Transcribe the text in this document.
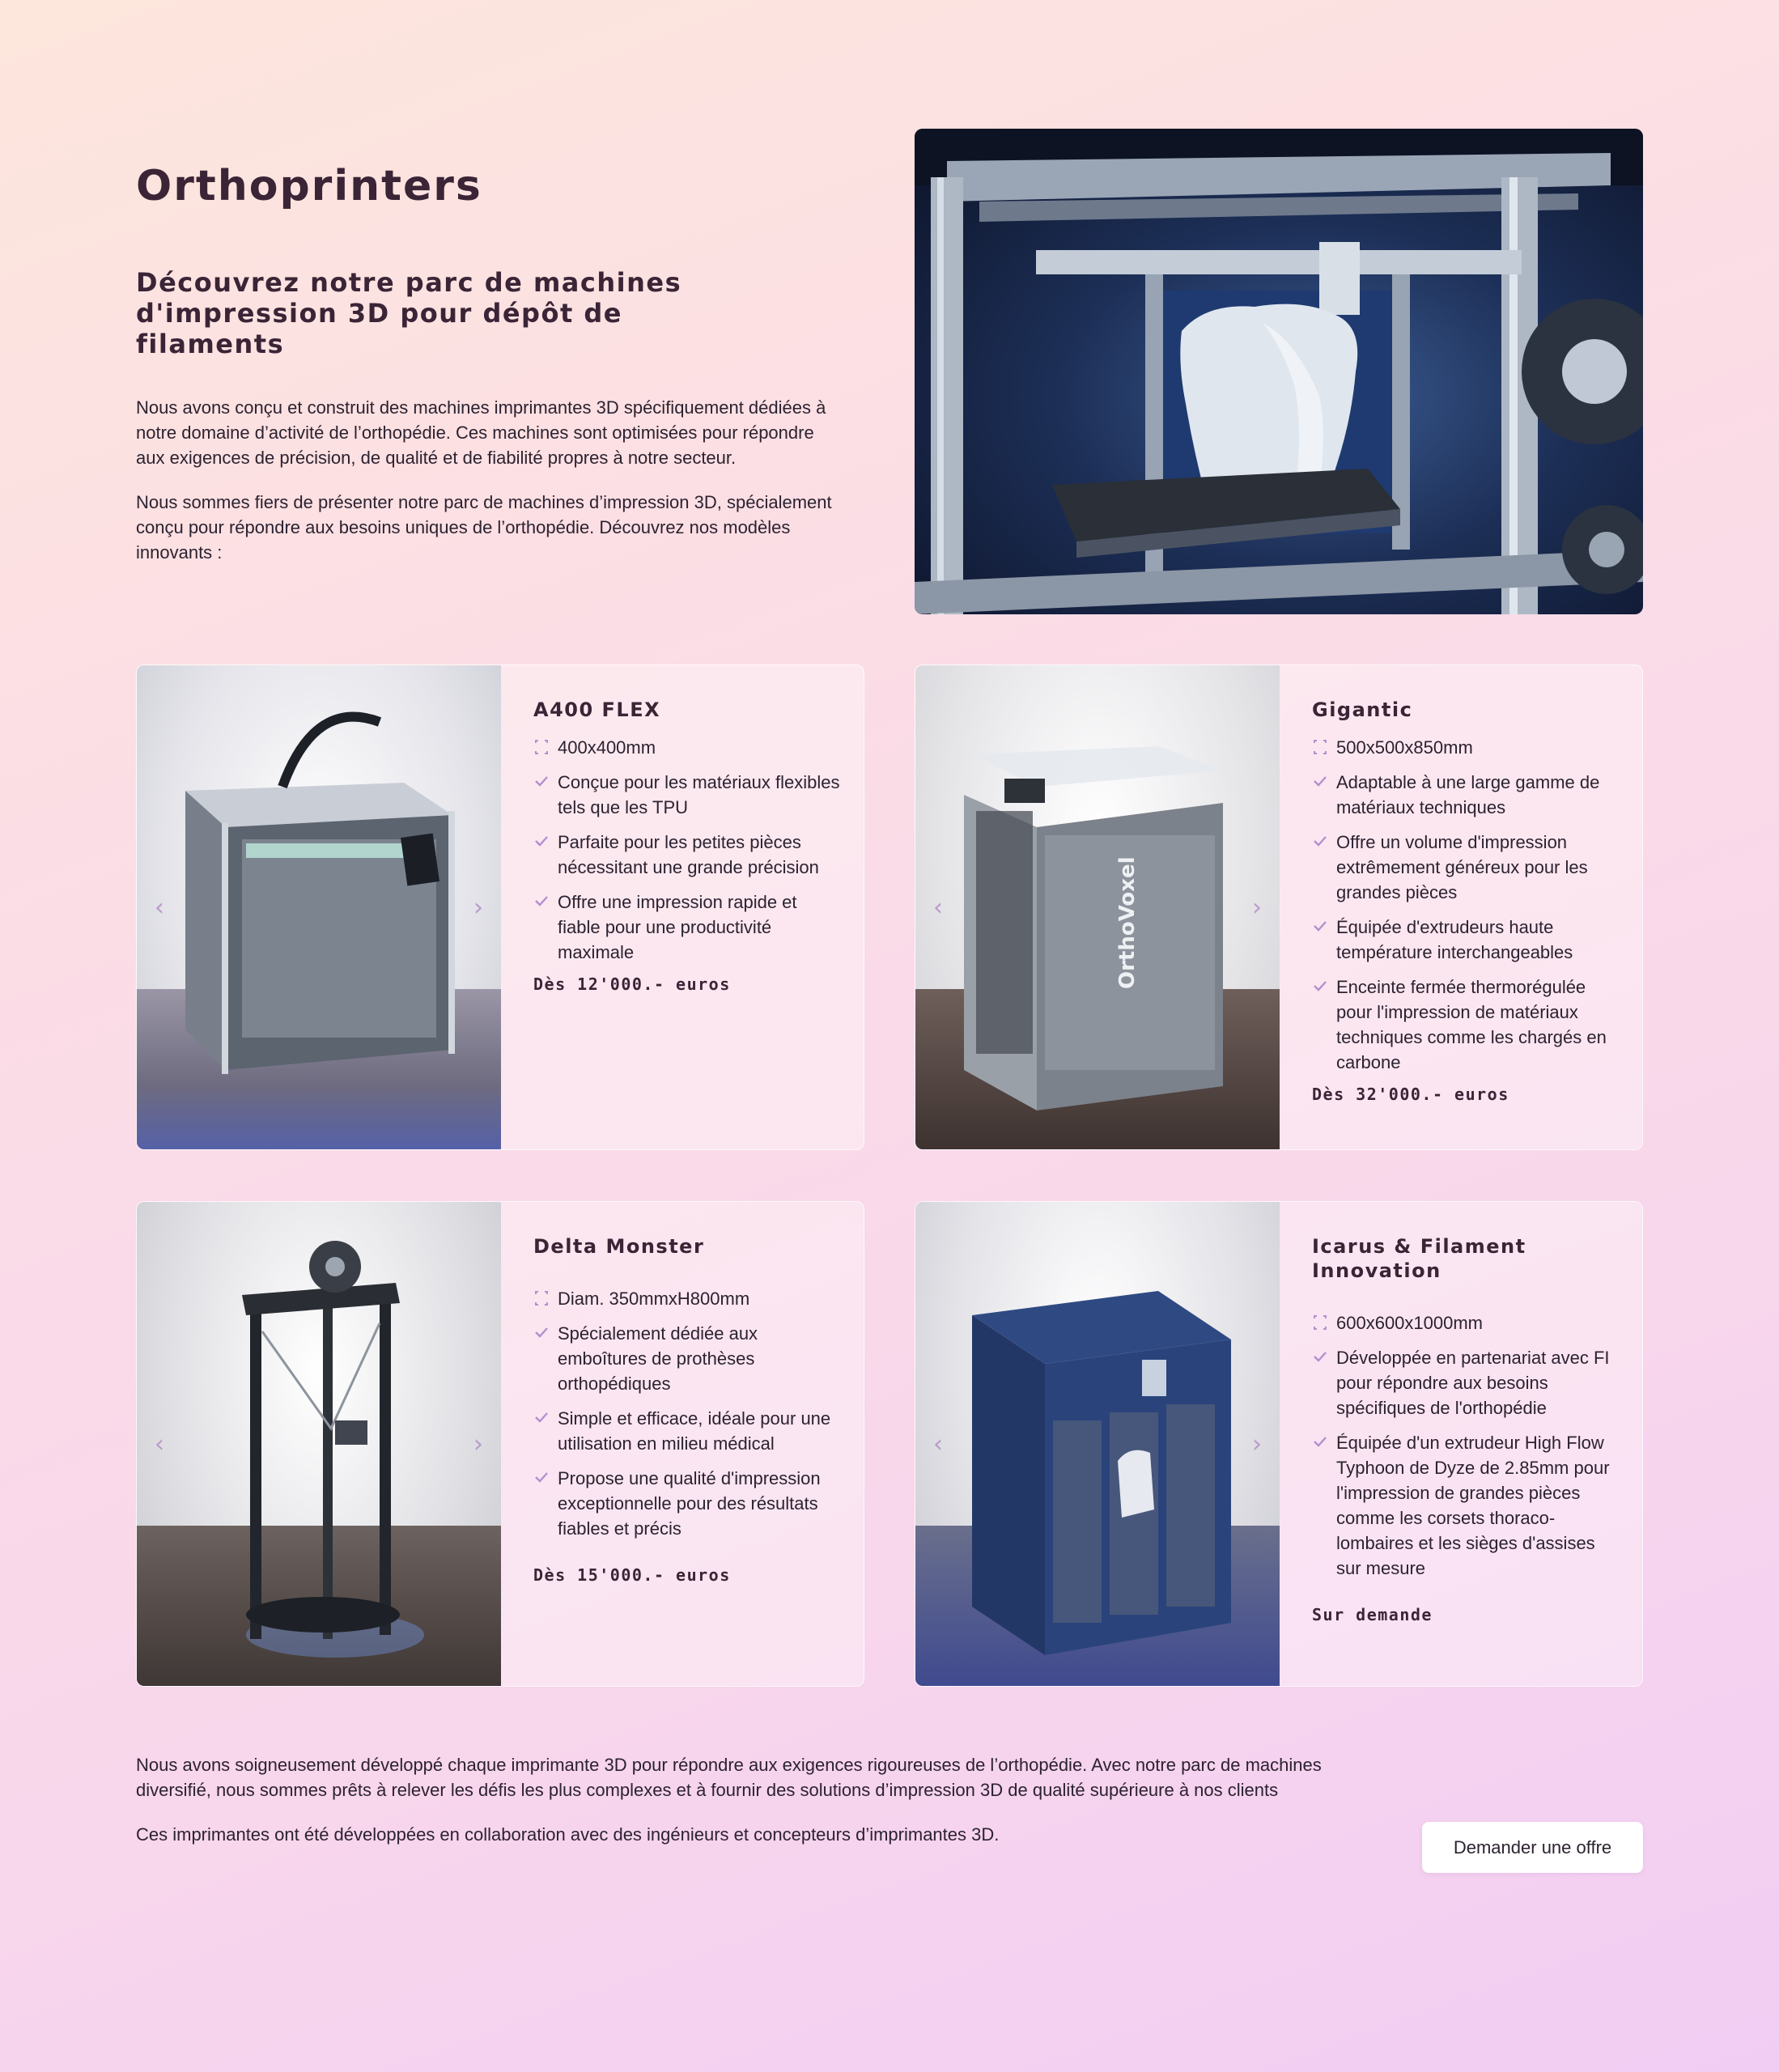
Orthoprinters
Découvrez notre parc de machines d'impression 3D pour dépôt de filaments

Nous avons conçu et construit des machines imprimantes 3D spécifiquement dédiées à notre domaine d’activité de l’orthopédie. Ces machines sont optimisées pour répondre aux exigences de précision, de qualité et de fiabilité propres à notre secteur.

Nous sommes fiers de présenter notre parc de machines d’impression 3D, spécialement conçu pour répondre aux besoins uniques de l’orthopédie. Découvrez nos modèles innovants :

‹	›
A400 FLEX
400x400mm
Conçue pour les matériaux flexibles tels que les TPU
Parfaite pour les petites pièces nécessitant une grande précision
Offre une impression rapide et fiable pour une productivité maximale
Dès 12'000.- euros	OrthoVoxel
‹	›
Gigantic
500x500x850mm
Adaptable à une large gamme de matériaux techniques
Offre un volume d'impression extrêmement généreux pour les grandes pièces
Équipée d'extrudeurs haute température interchangeables
Enceinte fermée thermorégulée pour l'impression de matériaux techniques comme les chargés en carbone
Dès 32'000.- euros
‹	›
Delta Monster
Diam. 350mmxH800mm
Spécialement dédiée aux emboîtures de prothèses orthopédiques
Simple et efficace, idéale pour une utilisation en milieu médical
Propose une qualité d'impression exceptionnelle pour des résultats fiables et précis
Dès 15'000.- euros
‹	›
Icarus & Filament Innovation
600x600x1000mm
Développée en partenariat avec FI pour répondre aux besoins spécifiques de l'orthopédie
Équipée d'un extrudeur High Flow Typhoon de Dyze de 2.85mm pour l'impression de grandes pièces comme les corsets thoraco-lombaires et les sièges d'assises sur mesure
Sur demande

Nous avons soigneusement développé chaque imprimante 3D pour répondre aux exigences rigoureuses de l’orthopédie. Avec notre parc de machines diversifié, nous sommes prêts à relever les défis les plus complexes et à fournir des solutions d’impression 3D de qualité supérieure à nos clients

Ces imprimantes ont été développées en collaboration avec des ingénieurs et concepteurs d’imprimantes 3D.

Demander une offre
